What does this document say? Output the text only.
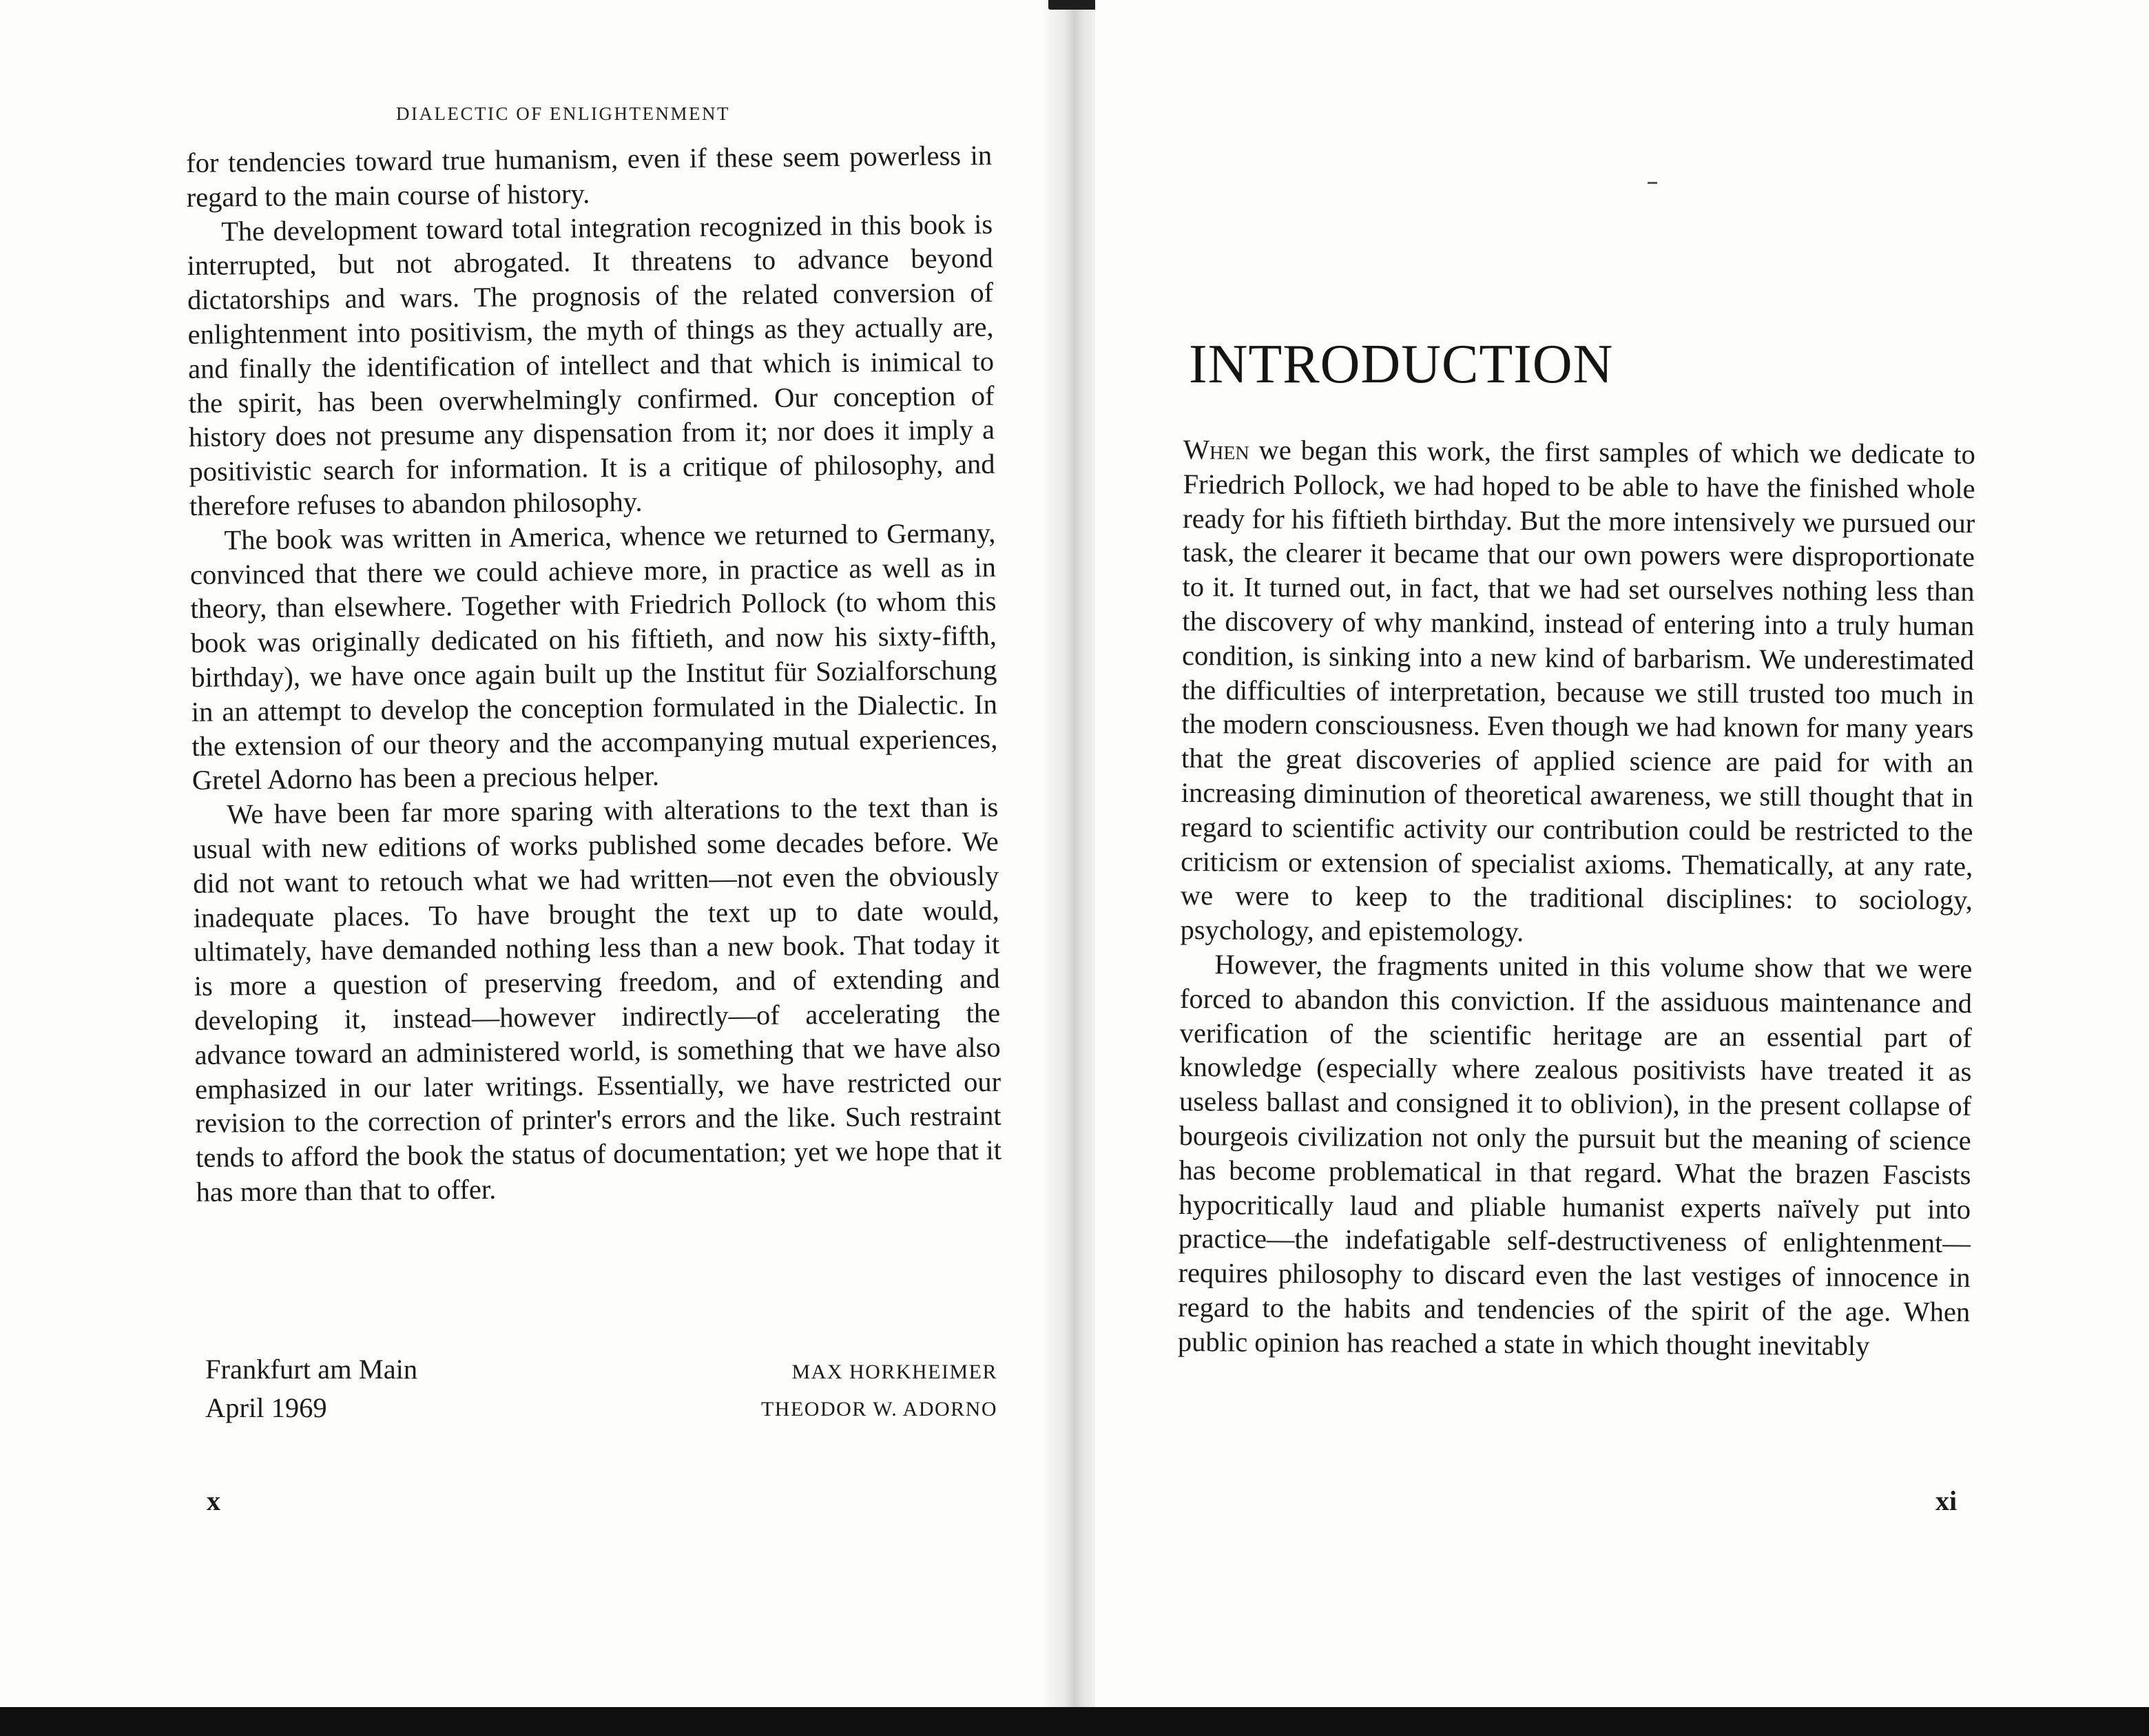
DIALECTIC OF ENLIGHTENMENT

for tendencies toward true humanism, even if these seem powerless in regard to the main course of history.

The development toward total integration recognized in this book is interrupted, but not abrogated. It threatens to advance beyond dictatorships and wars. The prognosis of the related conversion of enlightenment into positivism, the myth of things as they actually are, and finally the identification of intellect and that which is inimical to the spirit, has been overwhelmingly confirmed. Our conception of history does not presume any dispensation from it; nor does it imply a positivistic search for information. It is a critique of philosophy, and therefore refuses to abandon philosophy.

The book was written in America, whence we returned to Germany, convinced that there we could achieve more, in practice as well as in theory, than elsewhere. Together with Friedrich Pollock (to whom this book was originally dedicated on his fiftieth, and now his sixty-fifth, birthday), we have once again built up the Institut für Sozialforschung in an attempt to develop the conception formulated in the Dialectic. In the extension of our theory and the accompanying mutual experiences, Gretel Adorno has been a precious helper.

We have been far more sparing with alterations to the text than is usual with new editions of works published some decades before. We did not want to retouch what we had written—not even the obviously inadequate places. To have brought the text up to date would, ultimately, have demanded nothing less than a new book. That today it is more a question of preserving freedom, and of extending and developing it, instead—however indirectly—of accelerating the advance toward an administered world, is something that we have also emphasized in our later writings. Essentially, we have restricted our revision to the correction of printer's errors and the like. Such restraint tends to afford the book the status of documentation; yet we hope that it has more than that to offer.

Frankfurt am Main
April 1969
MAX HORKHEIMER
THEODOR W. ADORNO
x
INTRODUCTION

When we began this work, the first samples of which we dedicate to Friedrich Pollock, we had hoped to be able to have the finished whole ready for his fiftieth birthday. But the more intensively we pursued our task, the clearer it became that our own powers were disproportionate to it. It turned out, in fact, that we had set ourselves nothing less than the discovery of why mankind, instead of entering into a truly human condition, is sinking into a new kind of barbarism. We underestimated the difficulties of interpretation, because we still trusted too much in the modern consciousness. Even though we had known for many years that the great discoveries of applied science are paid for with an increasing diminution of theoretical awareness, we still thought that in regard to scientific activity our contribution could be restricted to the criticism or extension of specialist axioms. Thematically, at any rate, we were to keep to the traditional disciplines: to sociology, psychology, and epistemology.

However, the fragments united in this volume show that we were forced to abandon this conviction. If the assiduous maintenance and verification of the scientific heritage are an essential part of knowledge (especially where zealous positivists have treated it as useless ballast and consigned it to oblivion), in the present collapse of bourgeois civilization not only the pursuit but the meaning of science has become problematical in that regard. What the brazen Fascists hypocritically laud and pliable humanist experts naïvely put into practice—the indefatigable self-destructiveness of enlightenment—requires philosophy to discard even the last vestiges of innocence in regard to the habits and tendencies of the spirit of the age. When public opinion has reached a state in which thought inevitably

xi
